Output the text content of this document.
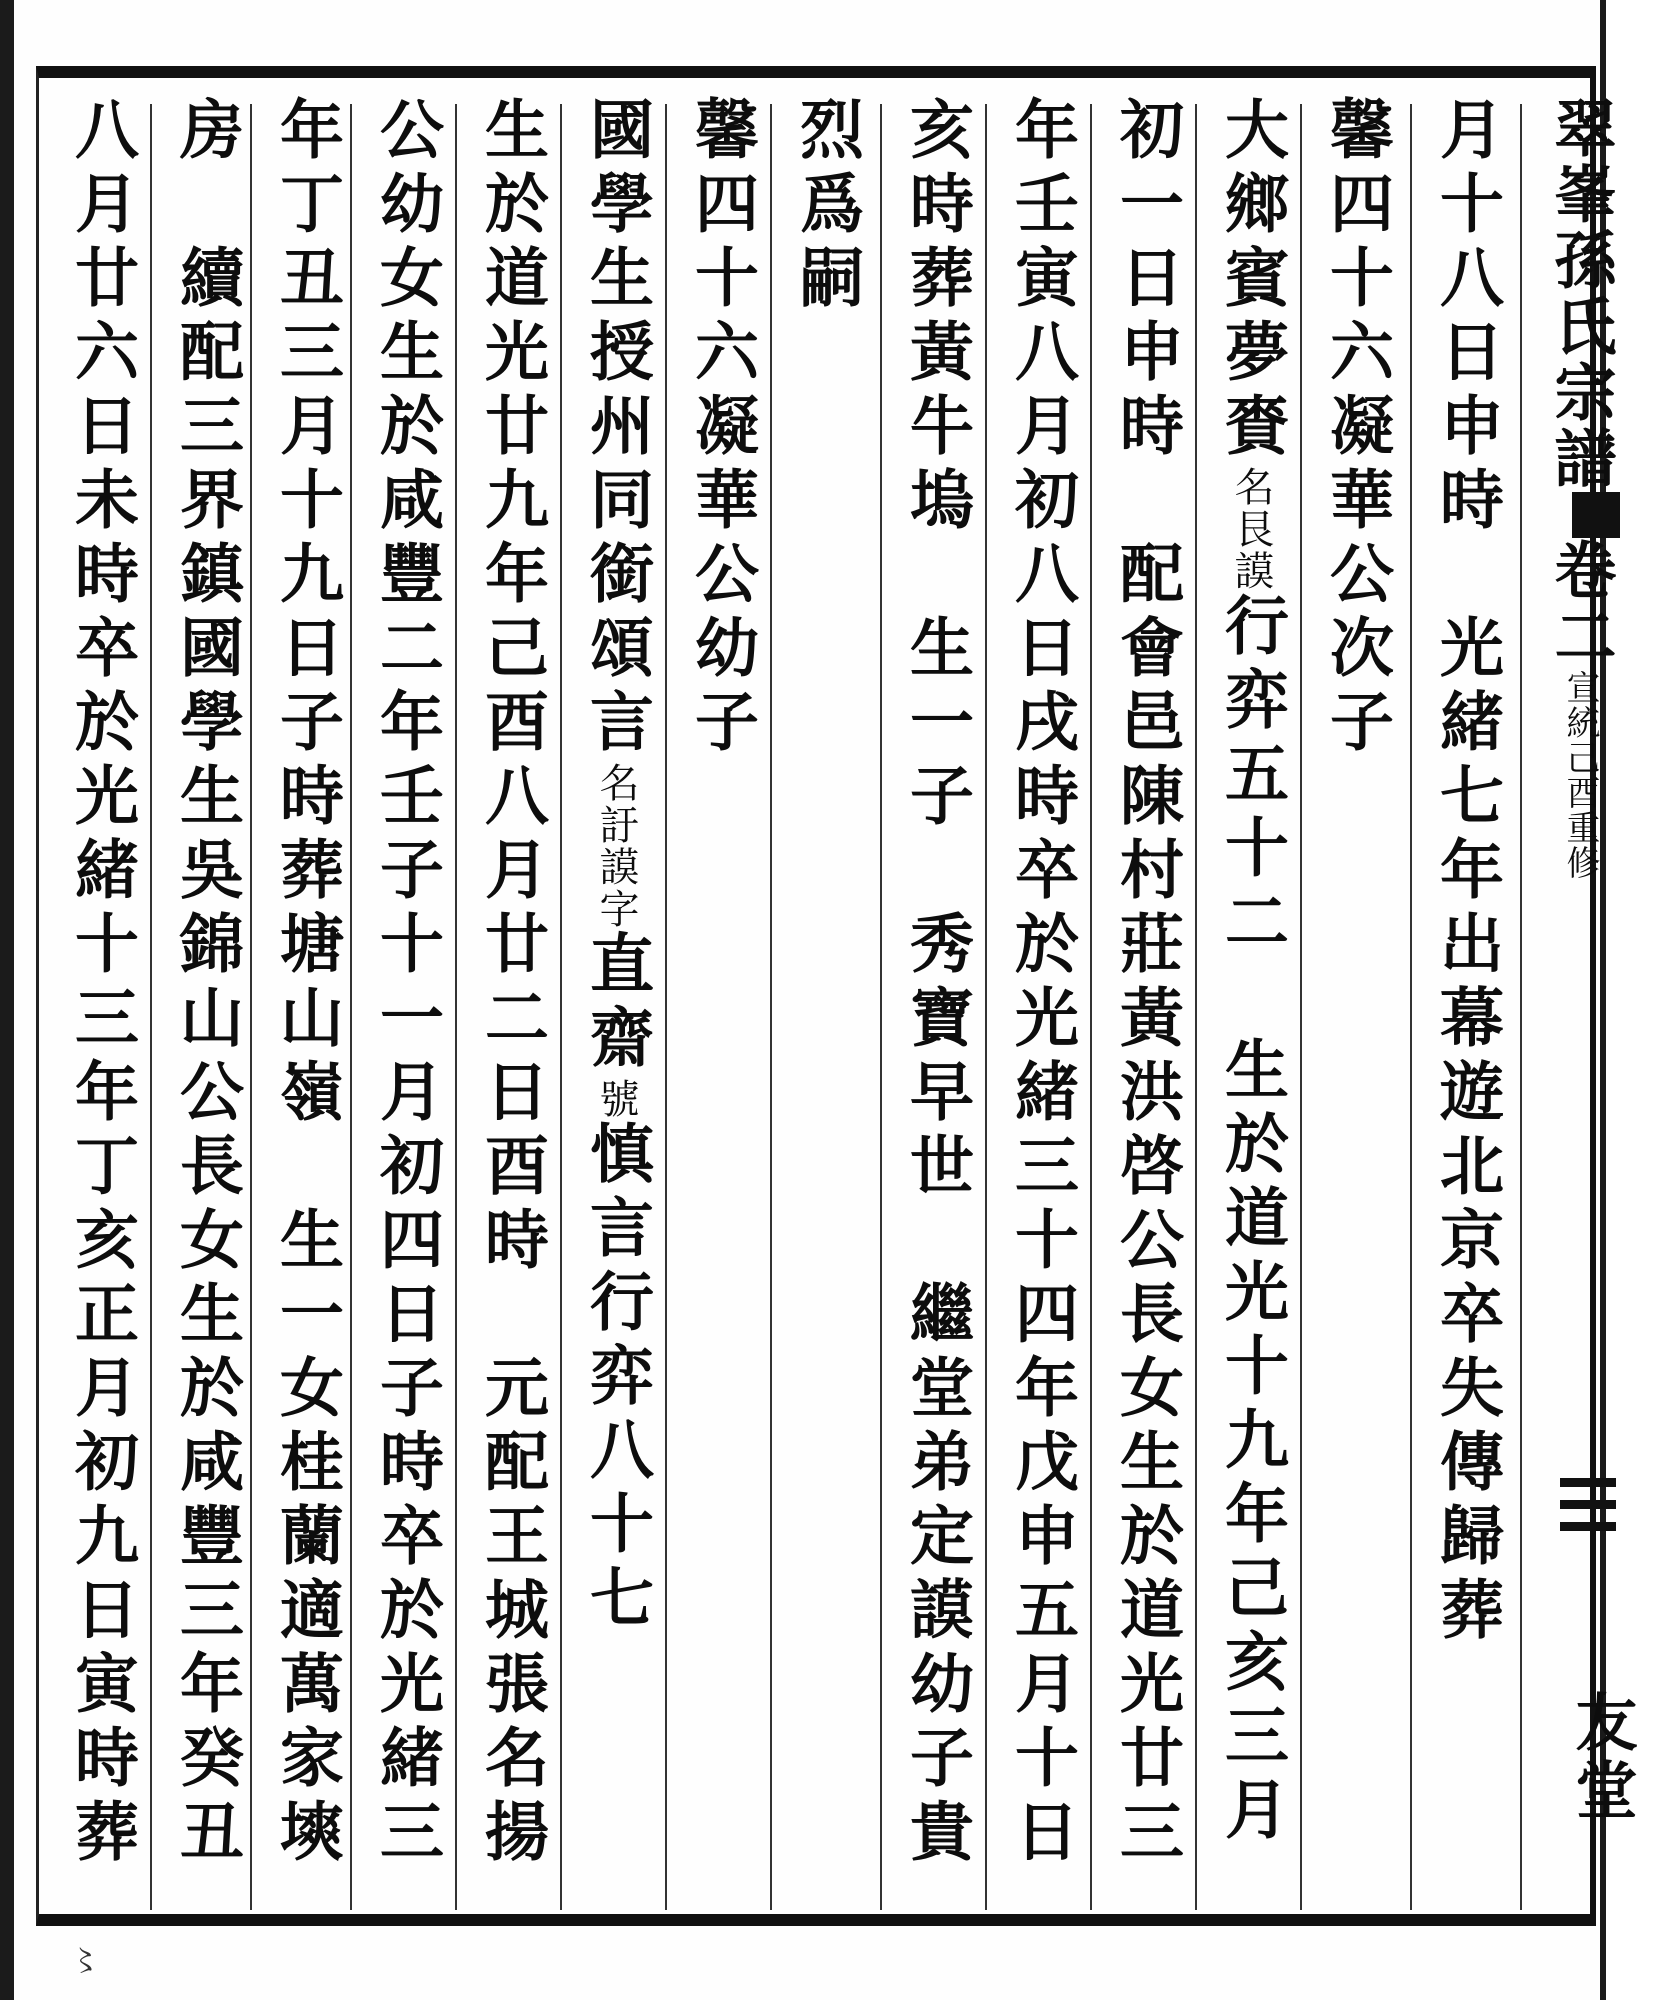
翠峯孫氏宗譜卷二宣統己酉重修
友堂
月十八日申時　光緒七年出幕遊北京卒失傳歸葬
馨四十六凝華公次子
大鄉賓夢賚名艮謨行弈五十二　生於道光十九年己亥三月
初一日申時　配會邑陳村莊黃洪啓公長女生於道光廿三
年壬寅八月初八日戌時卒於光緒三十四年戊申五月十日
亥時葬黃牛塢　生一子　秀寶早世　繼堂弟定謨幼子貴
烈爲嗣
馨四十六凝華公幼子
國學生授州同銜頌言名訏謨字直齋號慎言行弈八十七
生於道光廿九年己酉八月廿二日酉時　元配王城張名揚
公幼女生於咸豐二年壬子十一月初四日子時卒於光緒三
年丁丑三月十九日子時葬塘山嶺　生一女桂蘭適萬家塽
房　續配三界鎮國學生吳錦山公長女生於咸豐三年癸丑
八月廿六日未時卒於光緒十三年丁亥正月初九日寅時葬
〻
